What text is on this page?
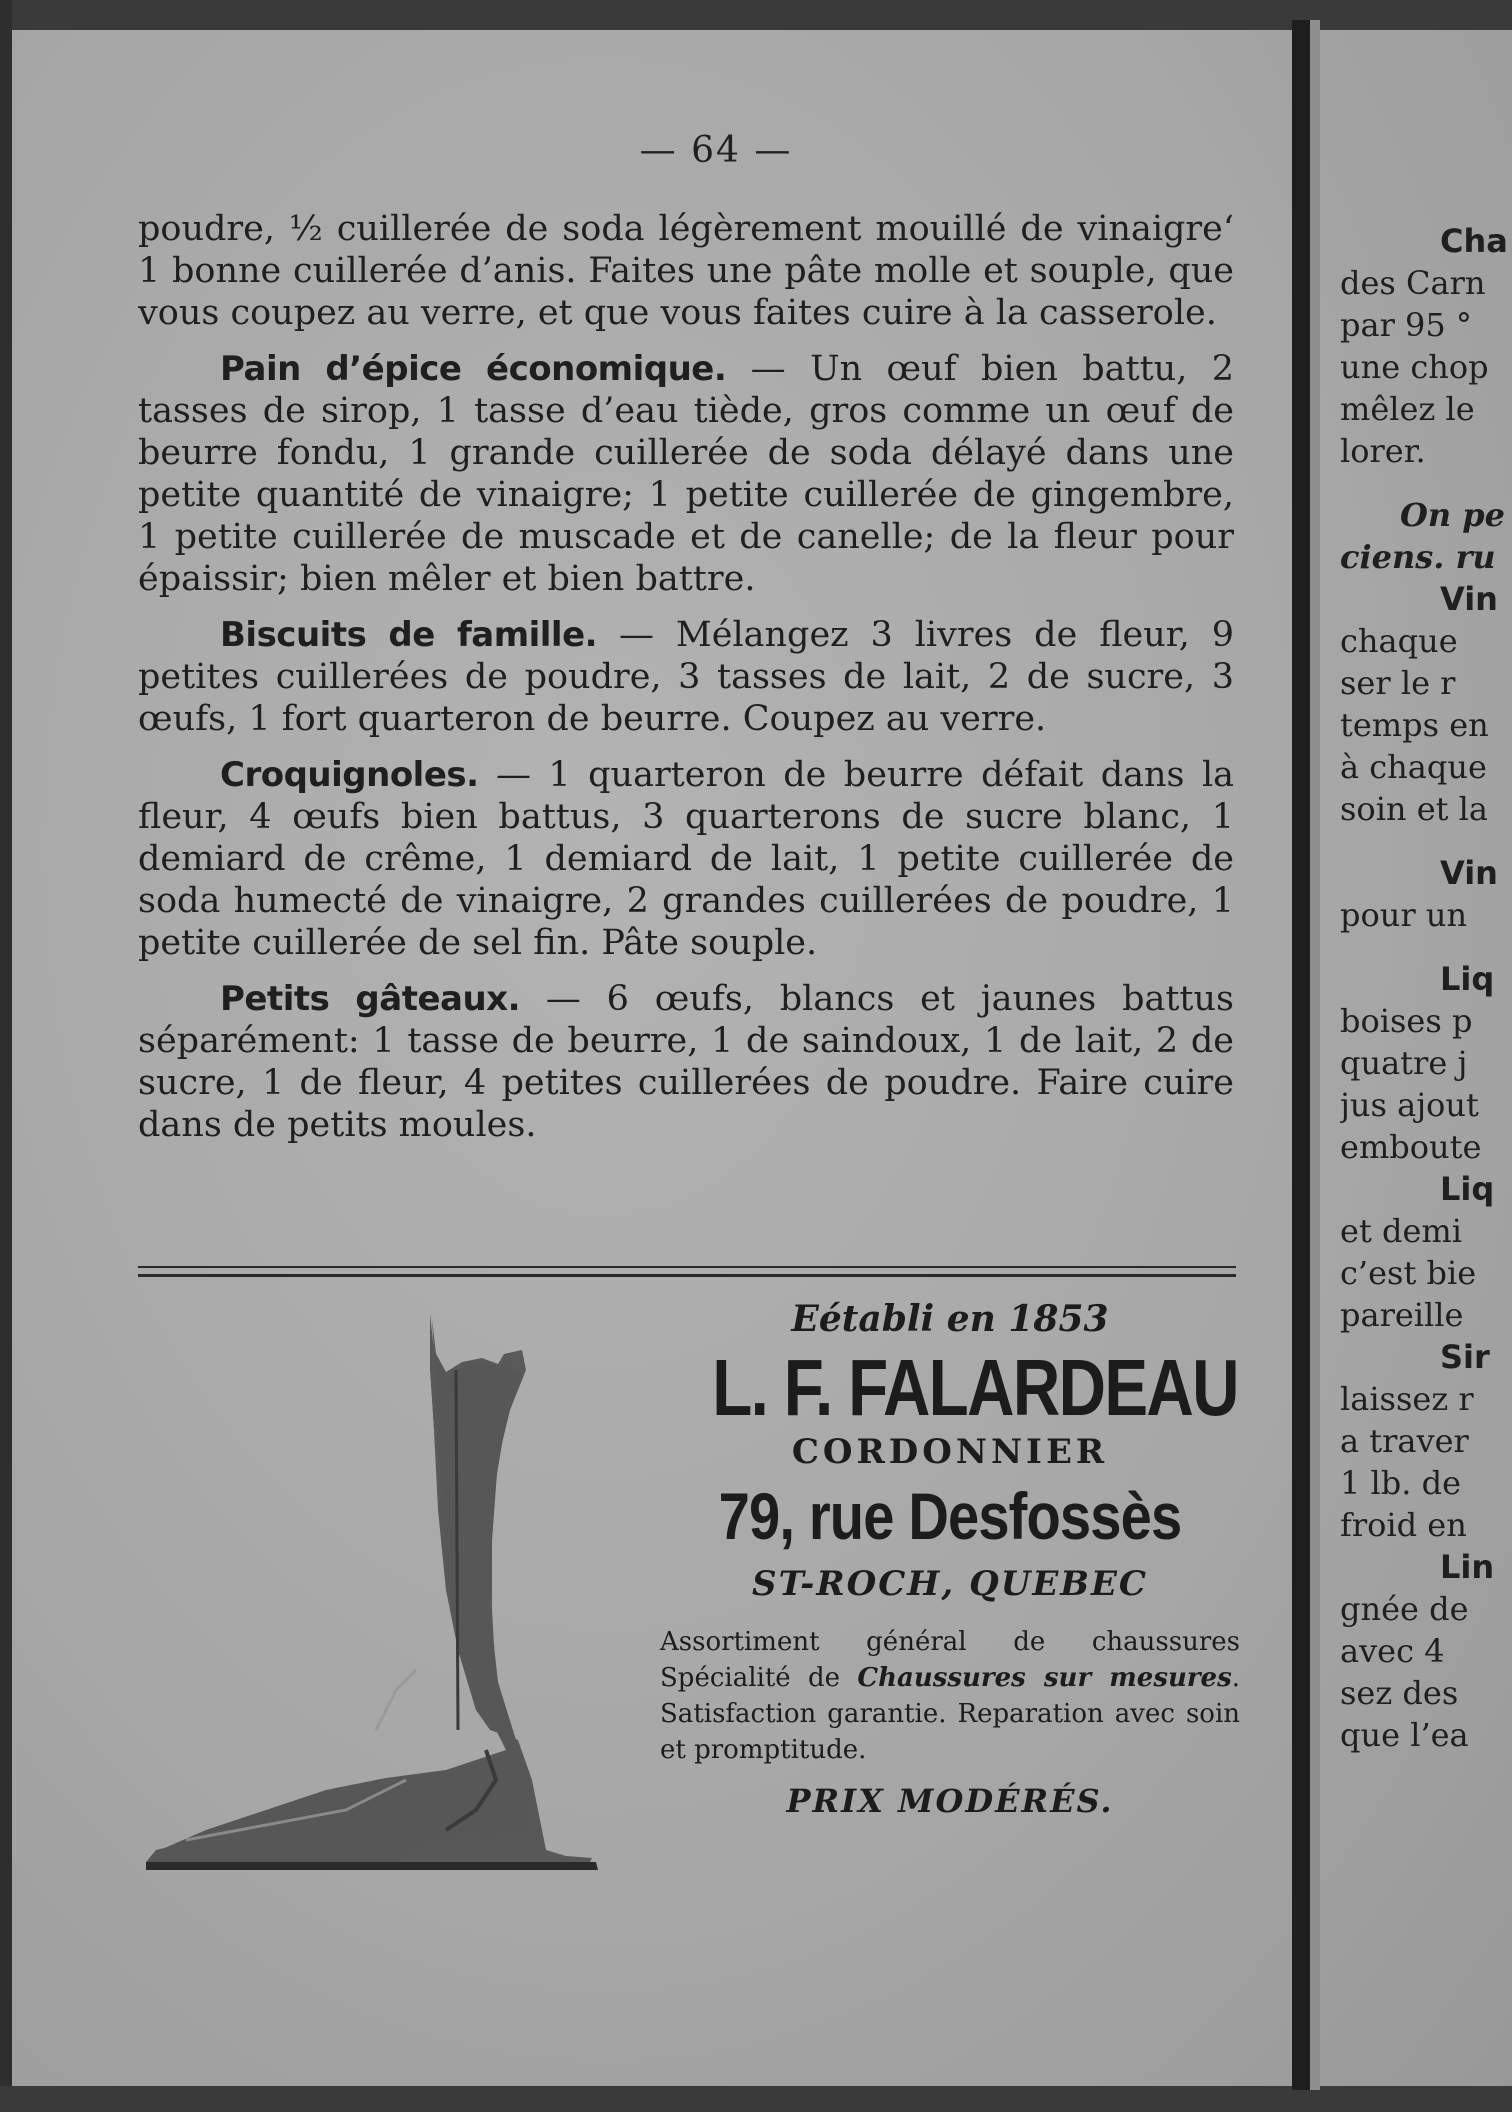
— 64 —

poudre, ½ cuillerée de soda légèrement mouillé de vinaigre‘ 1 bonne cuillerée d’anis. Faites une pâte molle et souple, que vous coupez au verre, et que vous faites cuire à la casserole.

Pain d’épice économique. — Un œuf bien battu, 2 tasses de sirop, 1 tasse d’eau tiède, gros comme un œuf de beurre fondu, 1 grande cuillerée de soda délayé dans une petite quantité de vinaigre; 1 petite cuillerée de gingembre, 1 petite cuillerée de muscade et de canelle; de la fleur pour épaissir; bien mêler et bien battre.

Biscuits de famille. — Mélangez 3 livres de fleur, 9 petites cuillerées de poudre, 3 tasses de lait, 2 de sucre, 3 œufs, 1 fort quarteron de beurre. Coupez au verre.

Croquignoles. — 1 quarteron de beurre défait dans la fleur, 4 œufs bien battus, 3 quarterons de sucre blanc, 1 demiard de crême, 1 demiard de lait, 1 petite cuillerée de soda humecté de vinaigre, 2 grandes cuillerées de poudre, 1 petite cuillerée de sel fin. Pâte souple.

Petits gâteaux. — 6 œufs, blancs et jaunes battus séparément: 1 tasse de beurre, 1 de saindoux, 1 de lait, 2 de sucre, 1 de fleur, 4 petites cuillerées de poudre. Faire cuire dans de petits moules.

Eétabli en 1853
L. F. FALARDEAU
CORDONNIER
79, rue Desfossès
ST-ROCH, QUEBEC
Assortiment général de chaussures Spécialité de Chaussures sur mesures. Satisfaction garantie. Reparation avec soin et promptitude.
PRIX MODÉRÉS.
Cha
des Carn
par 95 °
une chop
mêlez le
lorer.
On pe
ciens. ru
Vin
chaque
ser le r
temps en
à chaque
soin et la
Vin
pour un
Liq
boises p
quatre j
jus ajout
emboute
Liq
et demi
c’est bie
pareille
Sir
laissez r
a traver
1 lb. de
froid en
Lin
gnée de
avec 4
sez des
que l’ea
